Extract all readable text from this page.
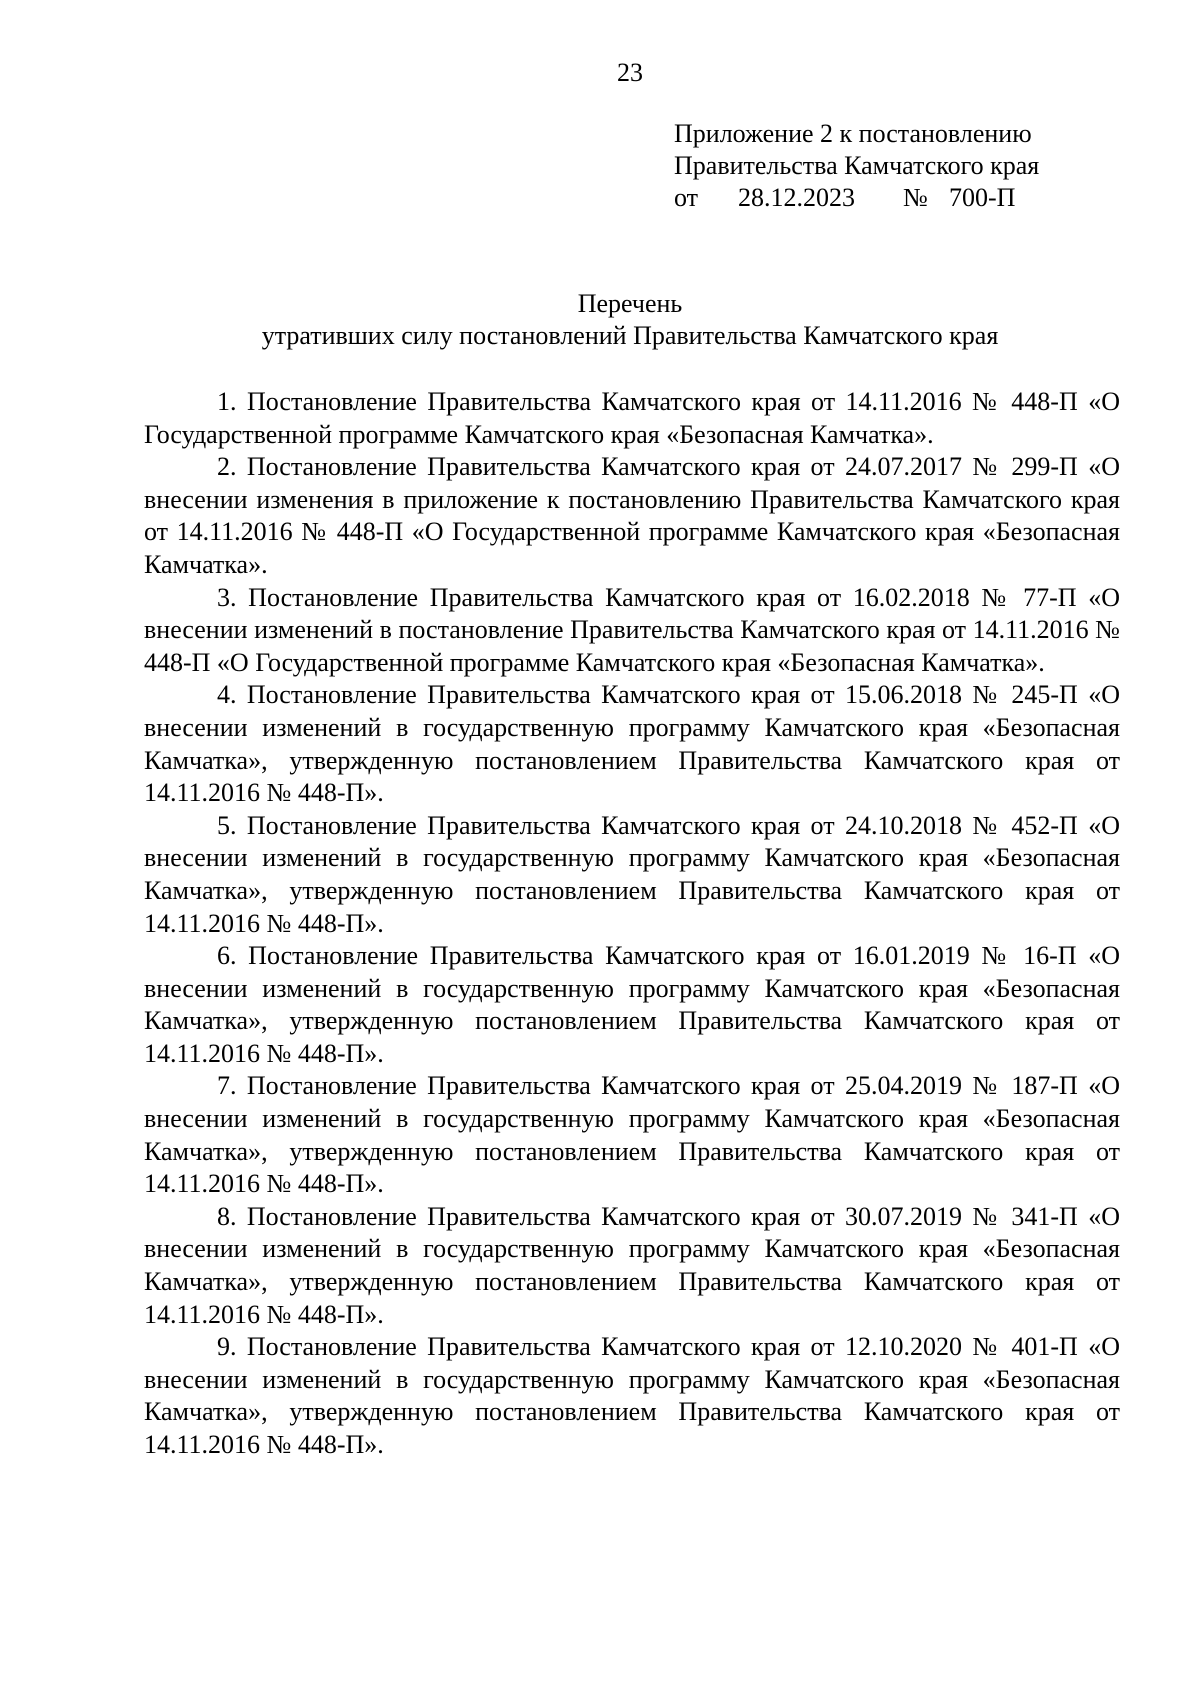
23
Приложение 2 к постановлению
Правительства Камчатского края
от	28.12.2023	№ 700-П
Перечень
утративших силу постановлений Правительства Камчатского края

1. Постановление Правительства Камчатского края от 14.11.2016 № 448-П «О Государственной программе Камчатского края «Безопасная Камчатка».

2. Постановление Правительства Камчатского края от 24.07.2017 № 299-П «О внесении изменения в приложение к постановлению Правительства Камчатского края от 14.11.2016 № 448-П «О Государственной программе Камчатского края «Безопасная Камчатка».

3. Постановление Правительства Камчатского края от 16.02.2018 № 77-П «О внесении изменений в постановление Правительства Камчатского края от 14.11.2016 № 448-П «О Государственной программе Камчатского края «Безопасная Камчатка».

4. Постановление Правительства Камчатского края от 15.06.2018 № 245-П «О внесении изменений в государственную программу Камчатского края «Безопасная Камчатка», утвержденную постановлением Правительства Камчатского края от 14.11.2016 № 448-П».

5. Постановление Правительства Камчатского края от 24.10.2018 № 452-П «О внесении изменений в государственную программу Камчатского края «Безопасная Камчатка», утвержденную постановлением Правительства Камчатского края от 14.11.2016 № 448-П».

6. Постановление Правительства Камчатского края от 16.01.2019 № 16-П «О внесении изменений в государственную программу Камчатского края «Безопасная Камчатка», утвержденную постановлением Правительства Камчатского края от 14.11.2016 № 448-П».

7. Постановление Правительства Камчатского края от 25.04.2019 № 187-П «О внесении изменений в государственную программу Камчатского края «Безопасная Камчатка», утвержденную постановлением Правительства Камчатского края от 14.11.2016 № 448-П».

8. Постановление Правительства Камчатского края от 30.07.2019 № 341-П «О внесении изменений в государственную программу Камчатского края «Безопасная Камчатка», утвержденную постановлением Правительства Камчатского края от 14.11.2016 № 448-П».

9. Постановление Правительства Камчатского края от 12.10.2020 № 401-П «О внесении изменений в государственную программу Камчатского края «Безопасная Камчатка», утвержденную постановлением Правительства Камчатского края от 14.11.2016 № 448-П».
